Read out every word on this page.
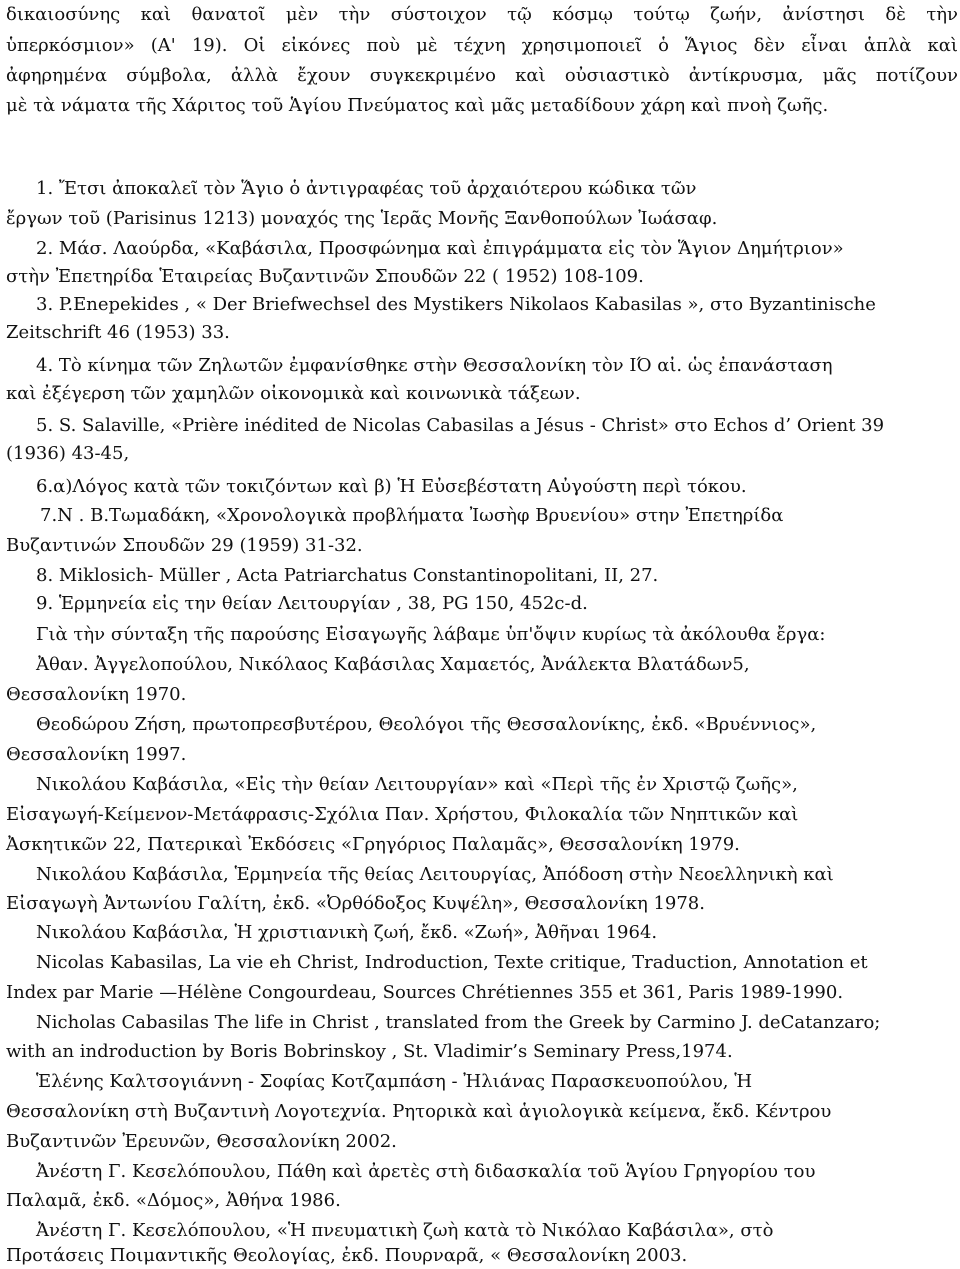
δικαιοσύνης καὶ θανατοῖ μὲν τὴν σύστοιχον τῷ κόσμῳ τούτῳ ζωήν, ἀνίστησι δὲ τὴν
ὑπερκόσμιον» (Α' 19). Οἱ εἰκόνες ποὺ μὲ τέχνη χρησιμοποιεῖ ὁ Ἅγιος δὲν εἶναι ἁπλὰ καὶ
ἀφηρημένα σύμβολα, ἀλλὰ ἔχουν συγκεκριμένο καὶ οὐσιαστικὸ ἀντίκρυσμα, μᾶς ποτίζουν
μὲ τὰ νάματα τῆς Χάριτος τοῦ Ἁγίου Πνεύματος καὶ μᾶς μεταδίδουν χάρη καὶ πνοὴ ζωῆς.
1. Ἔτσι ἀποκαλεῖ τὸν Ἅγιο ὁ ἀντιγραφέας τοῦ ἀρχαιότερου κώδικα τῶν
ἔργων τοῦ (Parisinus 1213) μοναχός της Ἱερᾶς Μονῆς Ξανθοπούλων Ἰωάσαφ.
2. Μάσ. Λαούρδα, «Καβάσιλα, Προσφώνημα καὶ ἐπιγράμματα εἰς τὸν Ἅγιον Δημήτριον»
στὴν Ἐπετηρίδα Ἑταιρείας Βυζαντινῶν Σπουδῶν 22 ( 1952) 108-109.
3. P.Enepekides , « Der Briefwechsel des Mystikers Nikolaos Kabasilas », στο Byzantinische
Zeitschrift 46 (1953) 33.
4. Τὸ κίνημα τῶν Ζηλωτῶν ἐμφανίσθηκε στὴν Θεσσαλονίκη τὸν ΙΌ αἰ. ὡς ἐπανάσταση
καὶ ἐξέγερση τῶν χαμηλῶν οἰκονομικὰ καὶ κοινωνικὰ τάξεων.
5. S. Salaville, «Prière inédited de Nicolas Cabasilas a Jésus - Christ» στο Echos d’ Orient 39
(1936) 43-45,
6.α)Λόγος κατὰ τῶν τοκιζόντων καὶ β) Ἡ Εὐσεβέστατη Αὐγούστη περὶ τόκου.
7.Ν . Β.Τωμαδάκη, «Χρονολογικὰ προβλήματα Ἰωσὴφ Βρυενίου» στην Ἐπετηρίδα
Βυζαντινών Σπουδῶν 29 (1959) 31-32.
8. Miklosich- Müller , Acta Patriarchatus Constantinopolitani, II, 27.
9. Ἑρμηνεία εἰς την θείαν Λειτουργίαν , 38, PG 150, 452c-d.
Γιὰ τὴν σύνταξη τῆς παρούσης Εἰσαγωγῆς λάβαμε ὑπ'ὄψιν κυρίως τὰ ἀκόλουθα ἔργα:
Ἀθαν. Ἀγγελοπούλου, Νικόλαος Καβάσιλας Χαμαετός, Ἀνάλεκτα Βλατάδων5,
Θεσσαλονίκη 1970.
Θεοδώρου Ζήση, πρωτοπρεσβυτέρου, Θεολόγοι τῆς Θεσσαλονίκης, ἐκδ. «Βρυέννιος»,
Θεσσαλονίκη 1997.
Νικολάου Καβάσιλα, «Εἰς τὴν θείαν Λειτουργίαν» καὶ «Περὶ τῆς ἐν Χριστῷ ζωῆς»,
Εἰσαγωγή-Κείμενον-Μετάφρασις-Σχόλια Παν. Χρήστου, Φιλοκαλία τῶν Νηπτικῶν καὶ
Ἀσκητικῶν 22, Πατερικαὶ Ἐκδόσεις «Γρηγόριος Παλαμᾶς», Θεσσαλονίκη 1979.
Νικολάου Καβάσιλα, Ἑρμηνεία τῆς θείας Λειτουργίας, Ἀπόδοση στὴν Νεοελληνικὴ καὶ
Εἰσαγωγὴ Ἀντωνίου Γαλίτη, ἐκδ. «Ὀρθόδοξος Κυψέλη», Θεσσαλονίκη 1978.
Νικολάου Καβάσιλα, Ἡ χριστιανικὴ ζωή, ἔκδ. «Ζωή», Ἀθῆναι 1964.
Nicolas Kabasilas, La vie eh Christ, Indroduction, Texte critique, Traduction, Annotation et
Index par Marie —Hélène Congourdeau, Sources Chrétiennes 355 et 361, Paris 1989-1990.
Nicholas Cabasilas The life in Christ , translated from the Greek by Carmino J. deCatanzaro;
with an indroduction by Boris Bobrinskoy , St. Vladimir’s Seminary Press,1974.
Ἑλένης Καλτσογιάννη - Σοφίας Κοτζαμπάση - Ἠλιάνας Παρασκευοπούλου, Ἡ
Θεσσαλονίκη στὴ Βυζαντινὴ Λογοτεχνία. Ρητορικὰ καὶ ἁγιολογικὰ κείμενα, ἔκδ. Κέντρου
Βυζαντινῶν Ἐρευνῶν, Θεσσαλονίκη 2002.
Ἀνέστη Γ. Κεσελόπουλου, Πάθη καὶ ἀρετὲς στὴ διδασκαλία τοῦ Ἁγίου Γρηγορίου του
Παλαμᾶ, ἐκδ. «Δόμος», Ἀθήνα 1986.
Ἀνέστη Γ. Κεσελόπουλου, «Ἡ πνευματικὴ ζωὴ κατὰ τὸ Νικόλαο Καβάσιλα», στὸ
Προτάσεις Ποιμαντικῆς Θεολογίας, ἐκδ. Πουρναρᾶ, « Θεσσαλονίκη 2003.
